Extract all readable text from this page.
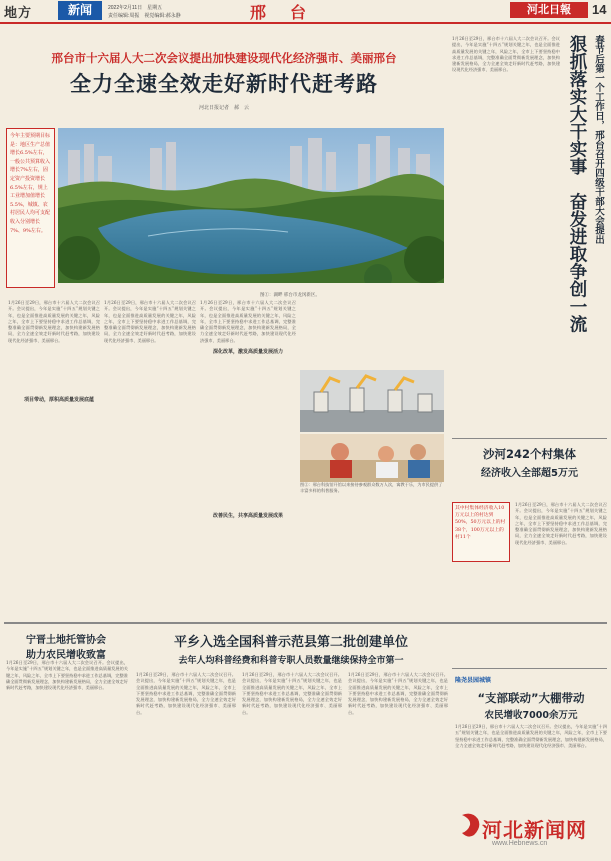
地方	新闻	2022年2月11日　星期五
责任编辑:周振　视觉编辑:郝永静	邢　台	河北日報	14
邢台市十六届人大二次会议提出加快建设现代化经济强市、美丽邢台
全力全速全效走好新时代赶考路
河北日报记者　郝　云

今年主要预期目标是：地区生产总值增长6.5%左右，一般公共预算收入增长7%左右，固定资产投资增长6.5%左右，规上工业增加值增长5.5%，城镇、农村居民人均可支配收入分别增长7%、9%左右。

图①：湖畔 邢台市龙冈新区。
1月26日至29日，邢台市十六届人大二次会议召开。会议提出，今年是实施“十四五”规划关键之年，也是全面推进高质量发展的关键之年，风险之年，全市上下要坚持稳中求进工作总基调，完整准确全面贯彻新发展理念，加快构建新发展格局，全力全速全效走好新时代赶考路，加快建设现代化经济强市、美丽邢台。
项目带动，厚积高质量发展底蕴
1月26日至29日，邢台市十六届人大二次会议召开。会议提出，今年是实施“十四五”规划关键之年，也是全面推进高质量发展的关键之年，风险之年，全市上下要坚持稳中求进工作总基调，完整准确全面贯彻新发展理念，加快构建新发展格局，全力全速全效走好新时代赶考路，加快建设现代化经济强市、美丽邢台。
1月26日至29日，邢台市十六届人大二次会议召开。会议提出，今年是实施“十四五”规划关键之年，也是全面推进高质量发展的关键之年，风险之年，全市上下要坚持稳中求进工作总基调，完整准确全面贯彻新发展理念，加快构建新发展格局，全力全速全效走好新时代赶考路，加快建设现代化经济强市、美丽邢台。
深化改革，激发高质量发展活力
改善民生，共享高质量发展成果
图②：邢台科技馆开馆以来接待参观群众数万人次，寓教于乐，为市民提供了丰富多样的科普服务。
春节后第一个工作日，邢台召开四级干部大会提出
狠抓落实大干实事　奋发进取争创一流
1月26日至29日，邢台市十六届人大二次会议召开。会议提出，今年是实施“十四五”规划关键之年，也是全面推进高质量发展的关键之年，风险之年，全市上下要坚持稳中求进工作总基调，完整准确全面贯彻新发展理念，加快构建新发展格局，全力全速全效走好新时代赶考路，加快建设现代化经济强市、美丽邢台。
沙河242个村集体
经济收入全部超5万元

其中村集体经济收入10万元以上的村达到50%，50万元以上的村38个，100万元以上的村11个

1月26日至29日，邢台市十六届人大二次会议召开。会议提出，今年是实施“十四五”规划关键之年，也是全面推进高质量发展的关键之年，风险之年，全市上下要坚持稳中求进工作总基调，完整准确全面贯彻新发展理念，加快构建新发展格局，全力全速全效走好新时代赶考路，加快建设现代化经济强市、美丽邢台。
宁晋土地托管协会
助力农民增收致富
1月26日至29日，邢台市十六届人大二次会议召开。会议提出，今年是实施“十四五”规划关键之年，也是全面推进高质量发展的关键之年，风险之年，全市上下要坚持稳中求进工作总基调，完整准确全面贯彻新发展理念，加快构建新发展格局，全力全速全效走好新时代赶考路，加快建设现代化经济强市、美丽邢台。
平乡入选全国科普示范县第二批创建单位
去年人均科普经费和科普专职人员数量继续保持全市第一
1月26日至29日，邢台市十六届人大二次会议召开。会议提出，今年是实施“十四五”规划关键之年，也是全面推进高质量发展的关键之年，风险之年，全市上下要坚持稳中求进工作总基调，完整准确全面贯彻新发展理念，加快构建新发展格局，全力全速全效走好新时代赶考路，加快建设现代化经济强市、美丽邢台。
1月26日至29日，邢台市十六届人大二次会议召开。会议提出，今年是实施“十四五”规划关键之年，也是全面推进高质量发展的关键之年，风险之年，全市上下要坚持稳中求进工作总基调，完整准确全面贯彻新发展理念，加快构建新发展格局，全力全速全效走好新时代赶考路，加快建设现代化经济强市、美丽邢台。
1月26日至29日，邢台市十六届人大二次会议召开。会议提出，今年是实施“十四五”规划关键之年，也是全面推进高质量发展的关键之年，风险之年，全市上下要坚持稳中求进工作总基调，完整准确全面贯彻新发展理念，加快构建新发展格局，全力全速全效走好新时代赶考路，加快建设现代化经济强市、美丽邢台。
隆尧县园城镇
“支部联动”大棚带动
农民增收7000余万元
1月26日至29日，邢台市十六届人大二次会议召开。会议提出，今年是实施“十四五”规划关键之年，也是全面推进高质量发展的关键之年，风险之年，全市上下要坚持稳中求进工作总基调，完整准确全面贯彻新发展理念，加快构建新发展格局，全力全速全效走好新时代赶考路，加快建设现代化经济强市、美丽邢台。
河北新闻网
www.Hebnews.cn
